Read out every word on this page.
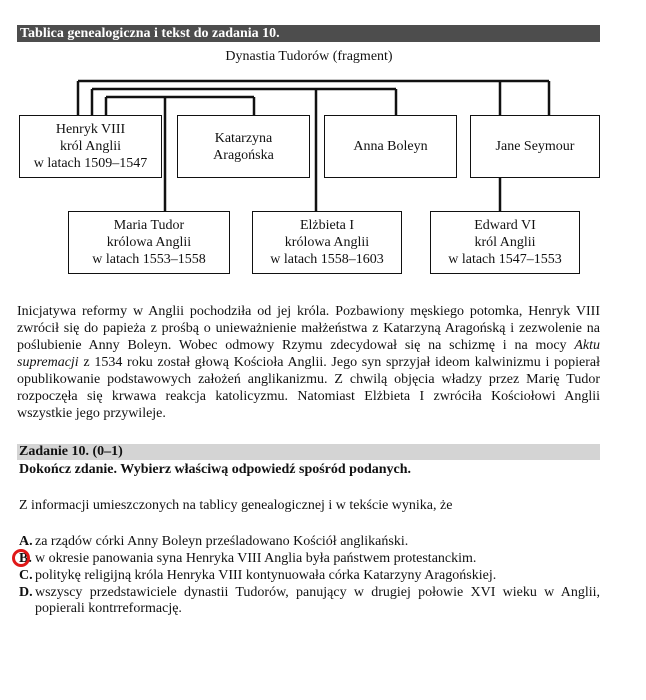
Tablica genealogiczna i tekst do zadania 10.
Dynastia Tudorów (fragment)
Henryk VIII
król Anglii
w latach 1509–1547
Katarzyna
Aragońska
Anna Boleyn	Jane Seymour
Maria Tudor
królowa Anglii
w latach 1553–1558
Elżbieta I
królowa Anglii
w latach 1558–1603
Edward VI
król Anglii
w latach 1547–1553

Inicjatywa reformy w Anglii pochodziła od jej króla. Pozbawiony męskiego potomka, Henryk VIII zwrócił się do papieża z prośbą o unieważnienie małżeństwa z Katarzyną Aragońską i zezwolenie na poślubienie Anny Boleyn. Wobec odmowy Rzymu zdecydował się na schizmę i na mocy Aktu supremacji z 1534 roku został głową Kościoła Anglii. Jego syn sprzyjał ideom kalwinizmu i popierał opublikowanie podstawowych założeń anglikanizmu. Z chwilą objęcia władzy przez Marię Tudor rozpoczęła się krwawa reakcja katolicyzmu. Natomiast Elżbieta I zwróciła Kościołowi Anglii wszystkie jego przywileje.

Zadanie 10. (0–1)
Dokończ zdanie. Wybierz właściwą odpowiedź spośród podanych.
Z informacji umieszczonych na tablicy genealogicznej i w tekście wynika, że
A. za rządów córki Anny Boleyn prześladowano Kościół anglikański.
B. w okresie panowania syna Henryka VIII Anglia była państwem protestanckim.
C. politykę religijną króla Henryka VIII kontynuowała córka Katarzyny Aragońskiej.
D. wszyscy przedstawiciele dynastii Tudorów, panujący w drugiej połowie XVI wieku w Anglii, popierali kontrreformację.
